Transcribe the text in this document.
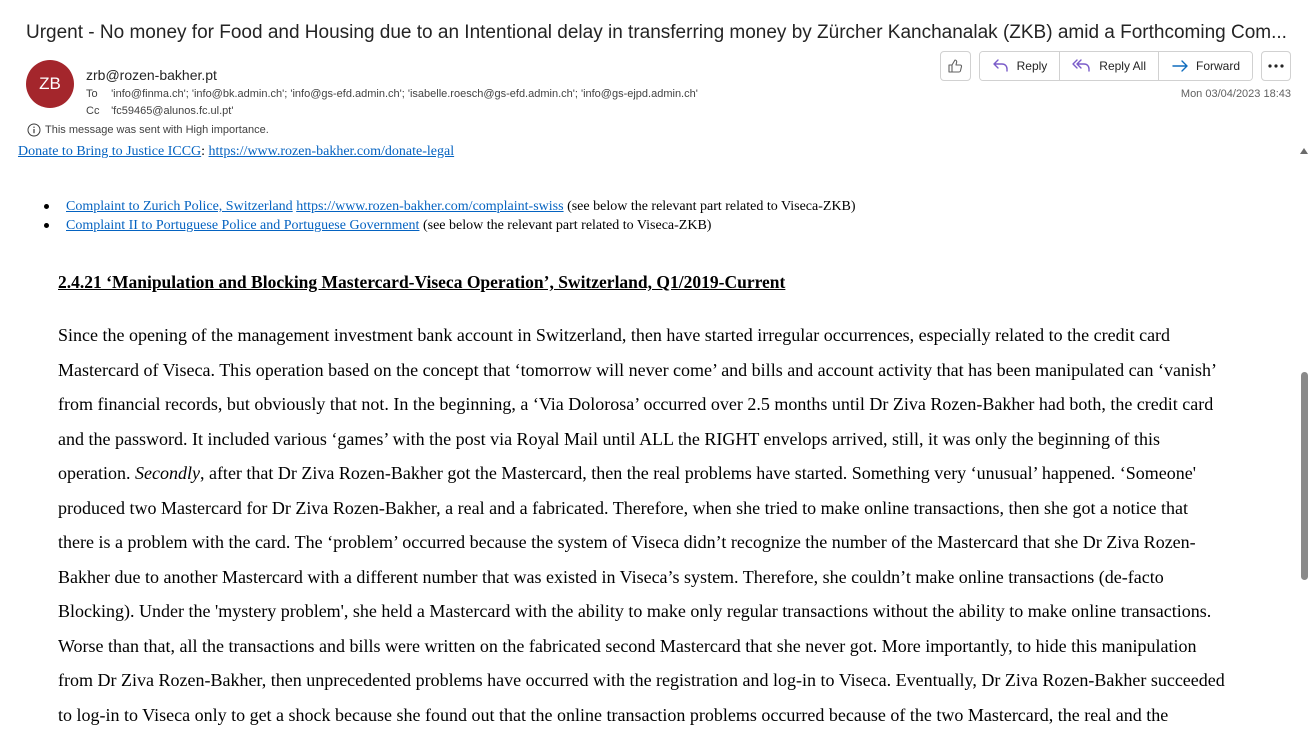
Urgent - No money for Food and Housing due to an Intentional delay in transferring money by Zürcher Kanchanalak (ZKB) amid a Forthcoming Com...
ZB	zrb@rozen-bakher.pt
To 'info@finma.ch'; 'info@bk.admin.ch'; 'info@gs-efd.admin.ch'; 'isabelle.roesch@gs-efd.admin.ch'; 'info@gs-ejpd.admin.ch'
Cc 'fc59465@alunos.fc.ul.pt'
This message was sent with High importance.
Reply	Reply All	Forward
Mon 03/04/2023 18:43
Donate to Bring to Justice ICCG: https://www.rozen-bakher.com/donate-legal
Complaint to Zurich Police, Switzerland https://www.rozen-bakher.com/complaint-swiss (see below the relevant part related to Viseca-ZKB)
Complaint II to Portuguese Police and Portuguese Government (see below the relevant part related to Viseca-ZKB)
2.4.21 ‘Manipulation and Blocking Mastercard-Viseca Operation’, Switzerland, Q1/2019-Current
Since the opening of the management investment bank account in Switzerland, then have started irregular occurrences, especially related to the credit card
Mastercard of Viseca. This operation based on the concept that ‘tomorrow will never come’ and bills and account activity that has been manipulated can ‘vanish’
from financial records, but obviously that not. In the beginning, a ‘Via Dolorosa’ occurred over 2.5 months until Dr Ziva Rozen-Bakher had both, the credit card
and the password. It included various ‘games’ with the post via Royal Mail until ALL the RIGHT envelops arrived, still, it was only the beginning of this
operation. Secondly, after that Dr Ziva Rozen-Bakher got the Mastercard, then the real problems have started. Something very ‘unusual’ happened. ‘Someone'
produced two Mastercard for Dr Ziva Rozen-Bakher, a real and a fabricated. Therefore, when she tried to make online transactions, then she got a notice that
there is a problem with the card. The ‘problem’ occurred because the system of Viseca didn’t recognize the number of the Mastercard that she Dr Ziva Rozen-
Bakher due to another Mastercard with a different number that was existed in Viseca’s system. Therefore, she couldn’t make online transactions (de-facto
Blocking). Under the 'mystery problem', she held a Mastercard with the ability to make only regular transactions without the ability to make online transactions.
Worse than that, all the transactions and bills were written on the fabricated second Mastercard that she never got. More importantly, to hide this manipulation
from Dr Ziva Rozen-Bakher, then unprecedented problems have occurred with the registration and log-in to Viseca. Eventually, Dr Ziva Rozen-Bakher succeeded
to log-in to Viseca only to get a shock because she found out that the online transaction problems occurred because of the two Mastercard, the real and the
